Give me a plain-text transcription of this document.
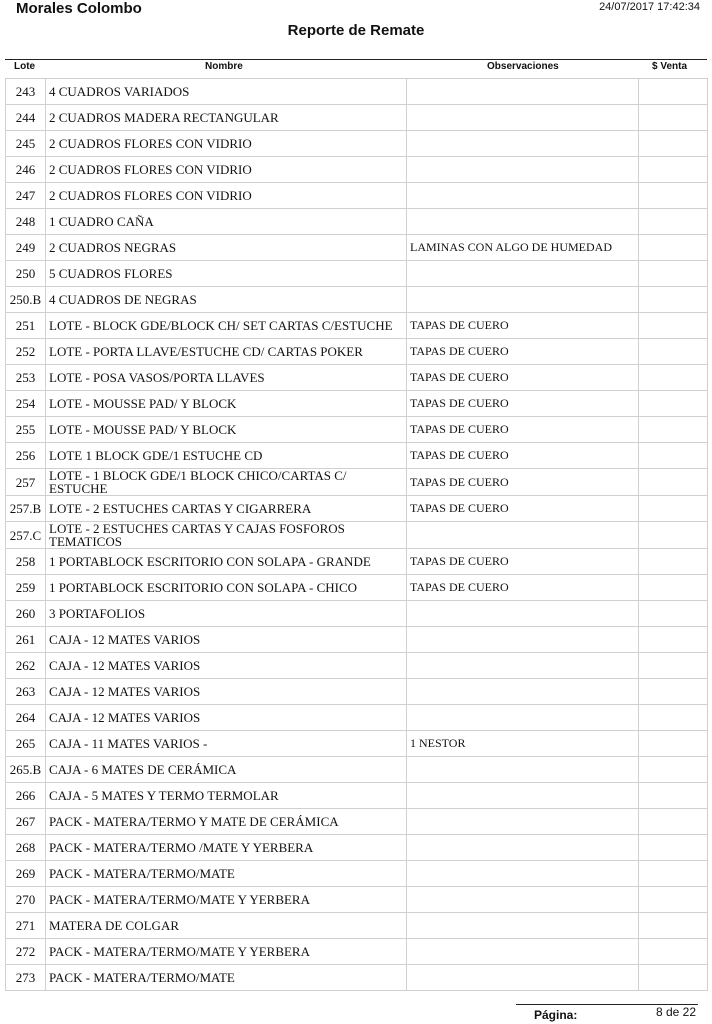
Morales Colombo	24/07/2017 17:42:34
Reporte de Remate
Lote	Nombre	Observaciones	$ Venta
243	4 CUADROS VARIADOS		
244	2 CUADROS MADERA RECTANGULAR		
245	2 CUADROS FLORES CON VIDRIO		
246	2 CUADROS FLORES CON VIDRIO		
247	2 CUADROS FLORES CON VIDRIO		
248	1 CUADRO CAÑA		
249	2 CUADROS NEGRAS	LAMINAS CON ALGO DE HUMEDAD	
250	5 CUADROS FLORES		
250.B	4 CUADROS DE NEGRAS		
251	LOTE - BLOCK GDE/BLOCK CH/ SET CARTAS C/ESTUCHE	TAPAS DE CUERO	
252	LOTE - PORTA LLAVE/ESTUCHE CD/ CARTAS POKER	TAPAS DE CUERO	
253	LOTE - POSA VASOS/PORTA LLAVES	TAPAS DE CUERO	
254	LOTE - MOUSSE PAD/ Y BLOCK	TAPAS DE CUERO	
255	LOTE - MOUSSE PAD/ Y BLOCK	TAPAS DE CUERO	
256	LOTE 1 BLOCK GDE/1 ESTUCHE CD	TAPAS DE CUERO	
257	LOTE - 1 BLOCK GDE/1 BLOCK CHICO/CARTAS C/ ESTUCHE	TAPAS DE CUERO	
257.B	LOTE - 2 ESTUCHES CARTAS Y CIGARRERA	TAPAS DE CUERO	
257.C	LOTE - 2 ESTUCHES CARTAS Y CAJAS FOSFOROS TEMATICOS		
258	1 PORTABLOCK ESCRITORIO CON SOLAPA - GRANDE	TAPAS DE CUERO	
259	1 PORTABLOCK ESCRITORIO CON SOLAPA - CHICO	TAPAS DE CUERO	
260	3 PORTAFOLIOS		
261	CAJA - 12 MATES VARIOS		
262	CAJA - 12 MATES VARIOS		
263	CAJA - 12 MATES VARIOS		
264	CAJA - 12 MATES VARIOS		
265	CAJA - 11 MATES VARIOS -	1 NESTOR	
265.B	CAJA - 6 MATES DE CERÁMICA		
266	CAJA - 5 MATES Y TERMO TERMOLAR		
267	PACK - MATERA/TERMO Y MATE DE CERÁMICA		
268	PACK - MATERA/TERMO /MATE Y YERBERA		
269	PACK - MATERA/TERMO/MATE		
270	PACK - MATERA/TERMO/MATE Y YERBERA		
271	MATERA DE COLGAR		
272	PACK - MATERA/TERMO/MATE Y YERBERA		
273	PACK - MATERA/TERMO/MATE		
Página:	8 de 22
